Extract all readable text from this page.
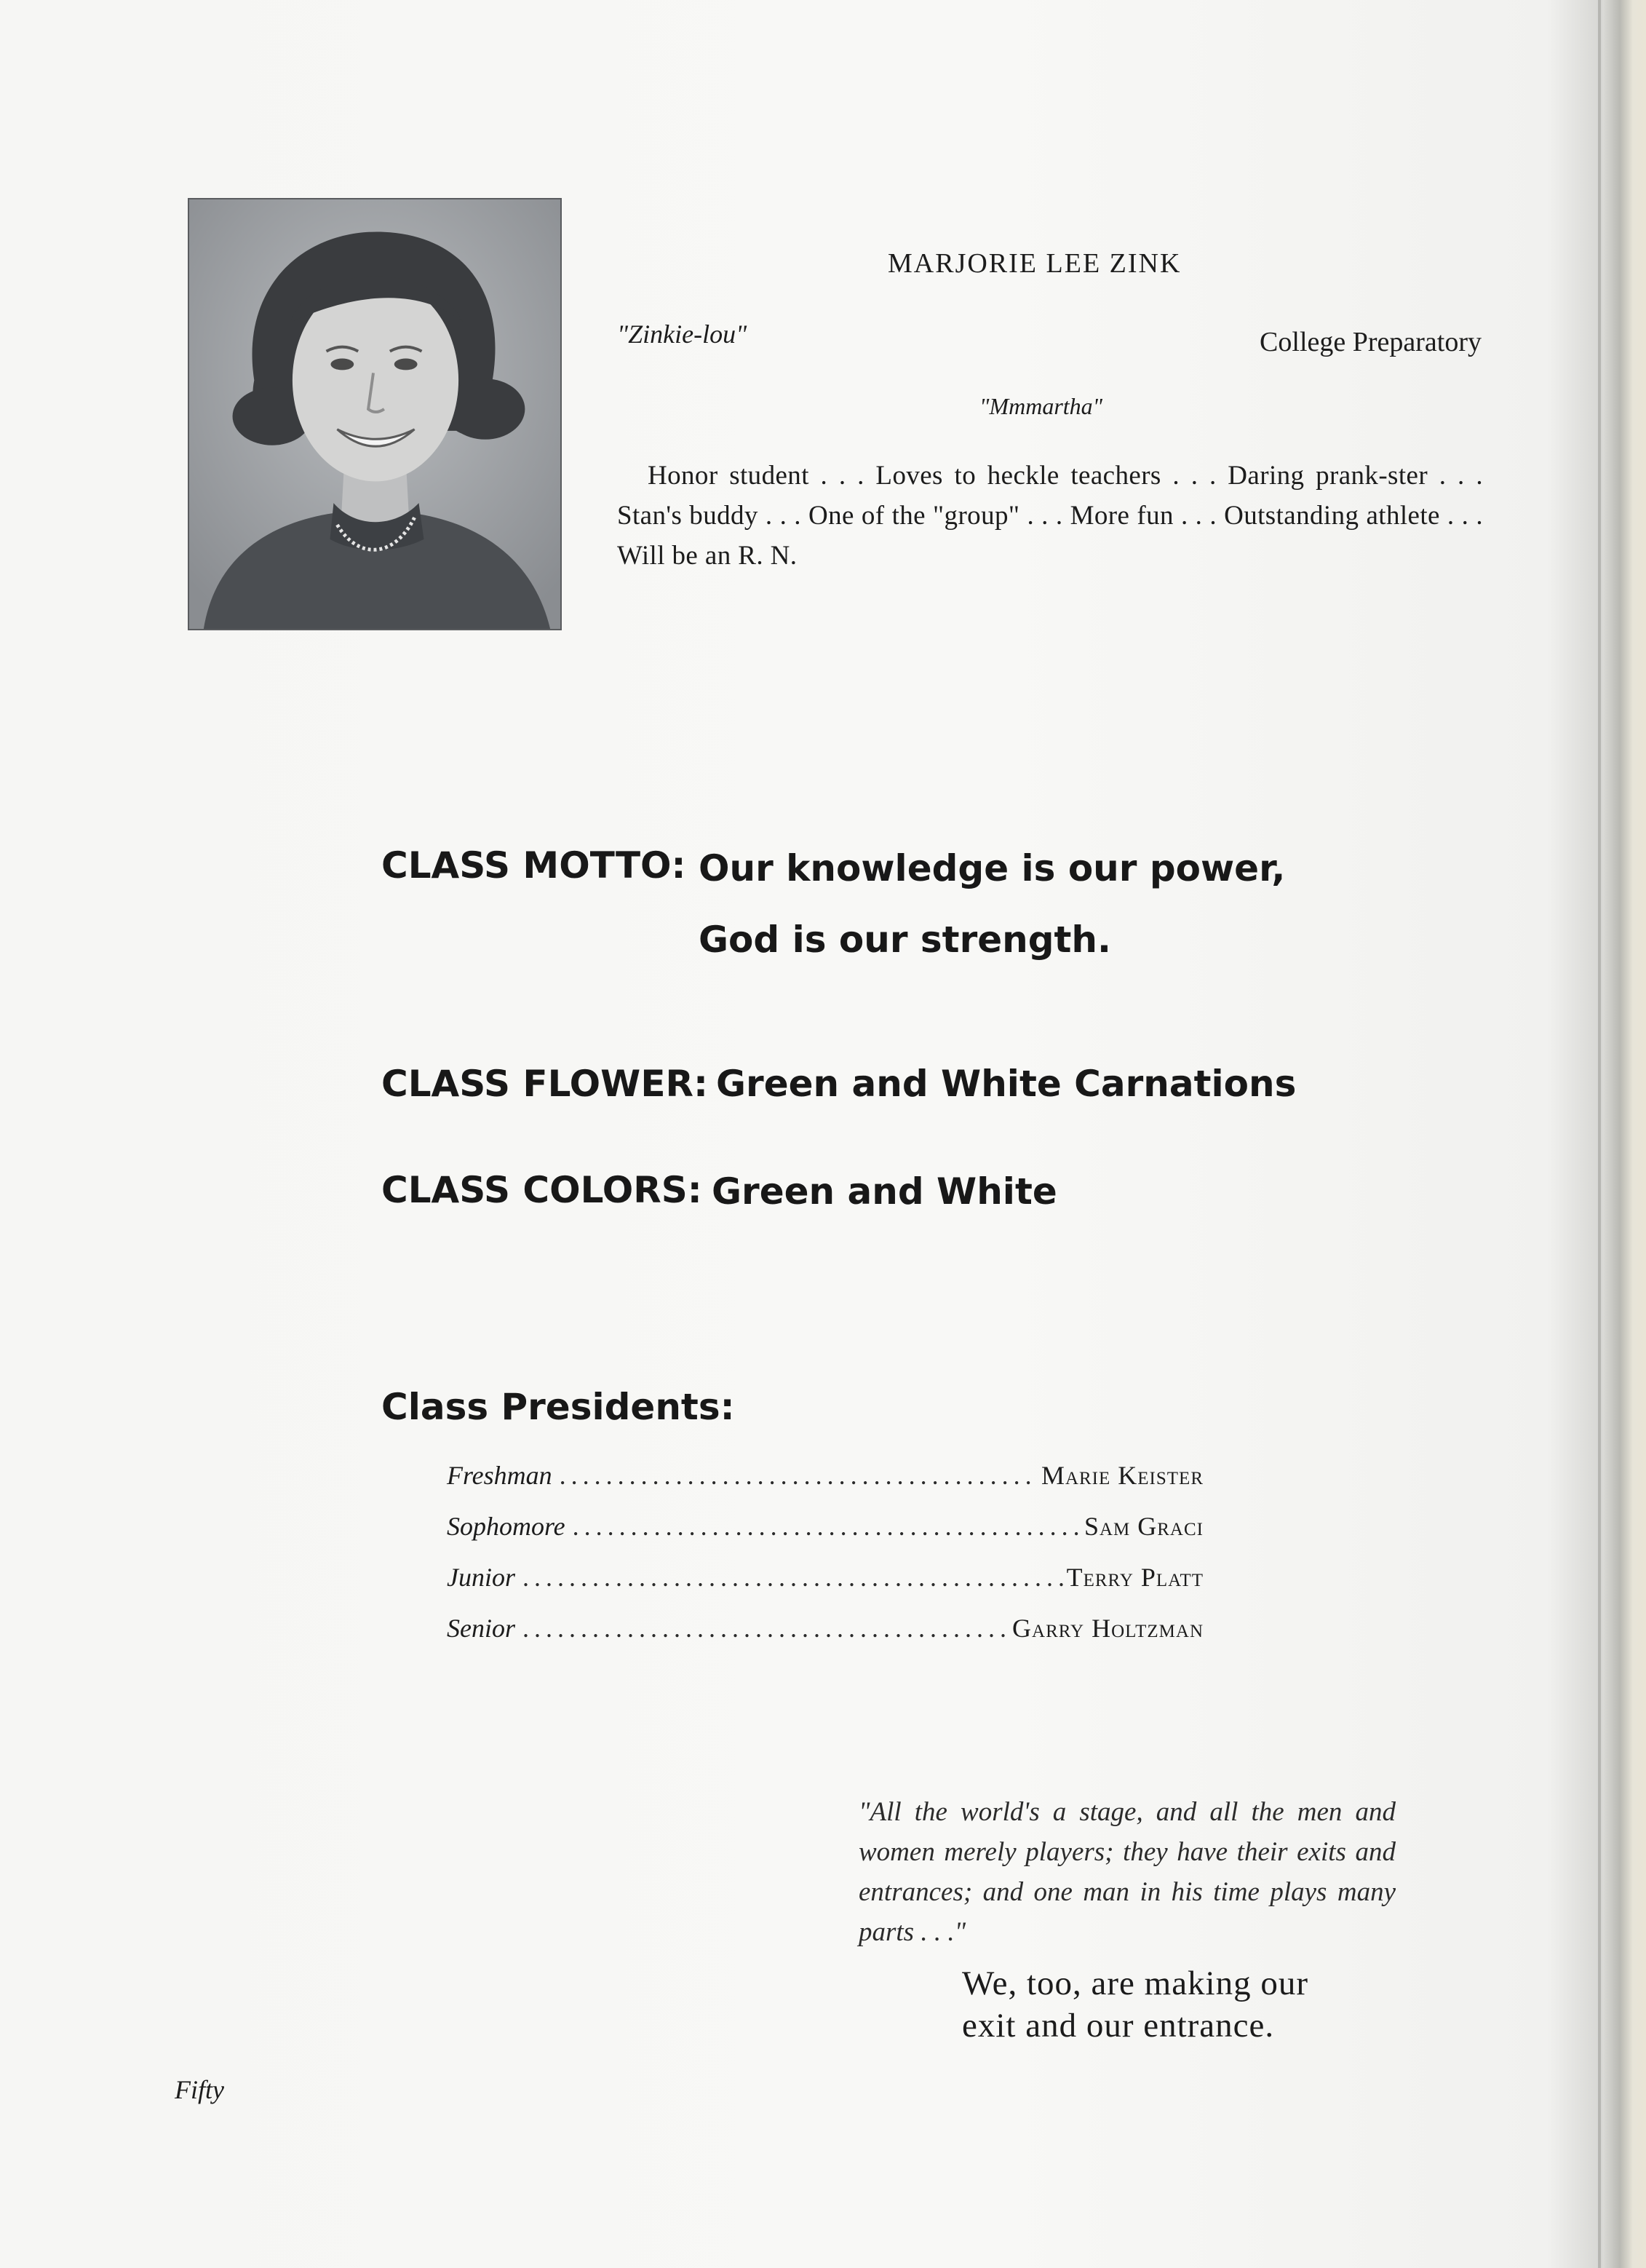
MARJORIE LEE ZINK
"Zinkie-lou"	College Preparatory
"Mmmartha"
Honor student . . . Loves to heckle teachers . . . Daring prank-ster . . . Stan's buddy . . . One of the "group" . . . More fun . . . Outstanding athlete . . . Will be an R. N.
CLASS MOTTO: Our knowledge is our power,
God is our strength.
CLASS FLOWER: Green and White Carnations
CLASS COLORS: Green and White
Class Presidents:
Freshman . . .	Marie Keister
Sophomore . . .	Sam Graci
Junior . . .	Terry Platt
Senior . . .	Garry Holtzman
"All the world's a stage, and all the men and women merely players; they have their exits and entrances; and one man in his time plays many parts . . ."
We, too, are making our
exit and our entrance.
Fifty
